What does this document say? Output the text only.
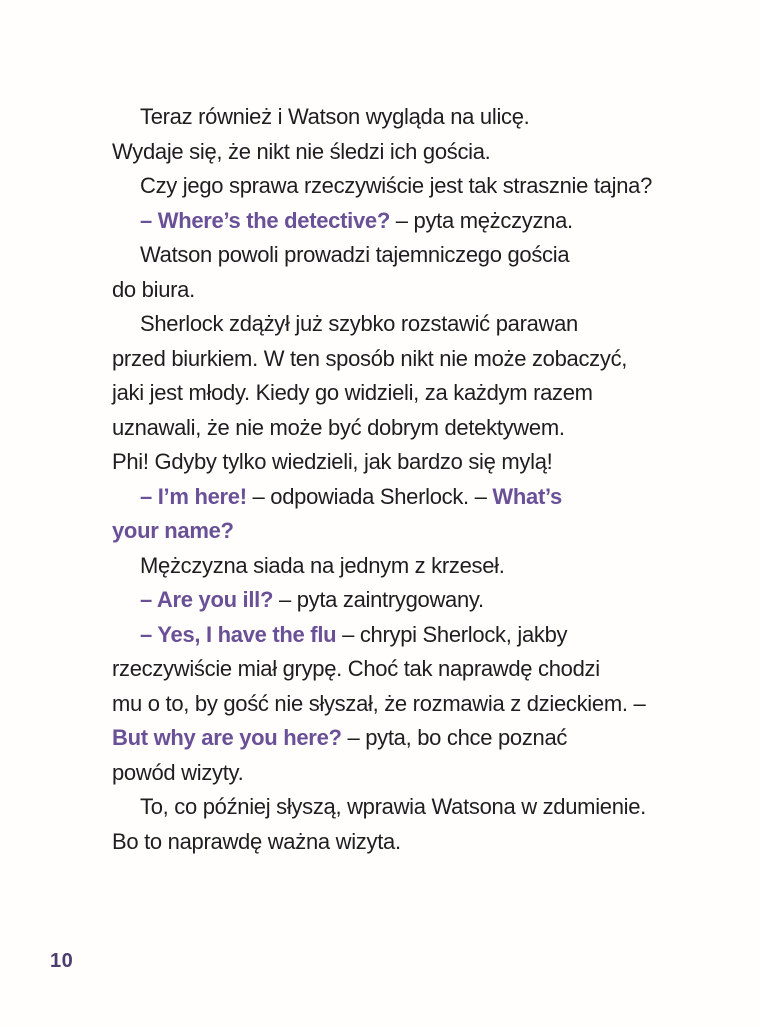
Teraz również i Watson wygląda na ulicę.
Wydaje się, że nikt nie śledzi ich gościa.
Czy jego sprawa rzeczywiście jest tak strasznie tajna?
– Where’s the detective? – pyta mężczyzna.
Watson powoli prowadzi tajemniczego gościa
do biura.
Sherlock zdążył już szybko rozstawić parawan
przed biurkiem. W ten sposób nikt nie może zobaczyć,
jaki jest młody. Kiedy go widzieli, za każdym razem
uznawali, że nie może być dobrym detektywem.
Phi! Gdyby tylko wiedzieli, jak bardzo się mylą!
– I’m here! – odpowiada Sherlock. – What’s
your name?
Mężczyzna siada na jednym z krzeseł.
– Are you ill? – pyta zaintrygowany.
– Yes, I have the flu – chrypi Sherlock, jakby
rzeczywiście miał grypę. Choć tak naprawdę chodzi
mu o to, by gość nie słyszał, że rozmawia z dzieckiem. –
But why are you here? – pyta, bo chce poznać
powód wizyty.
To, co później słyszą, wprawia Watsona w zdumienie.
Bo to naprawdę ważna wizyta.
10
